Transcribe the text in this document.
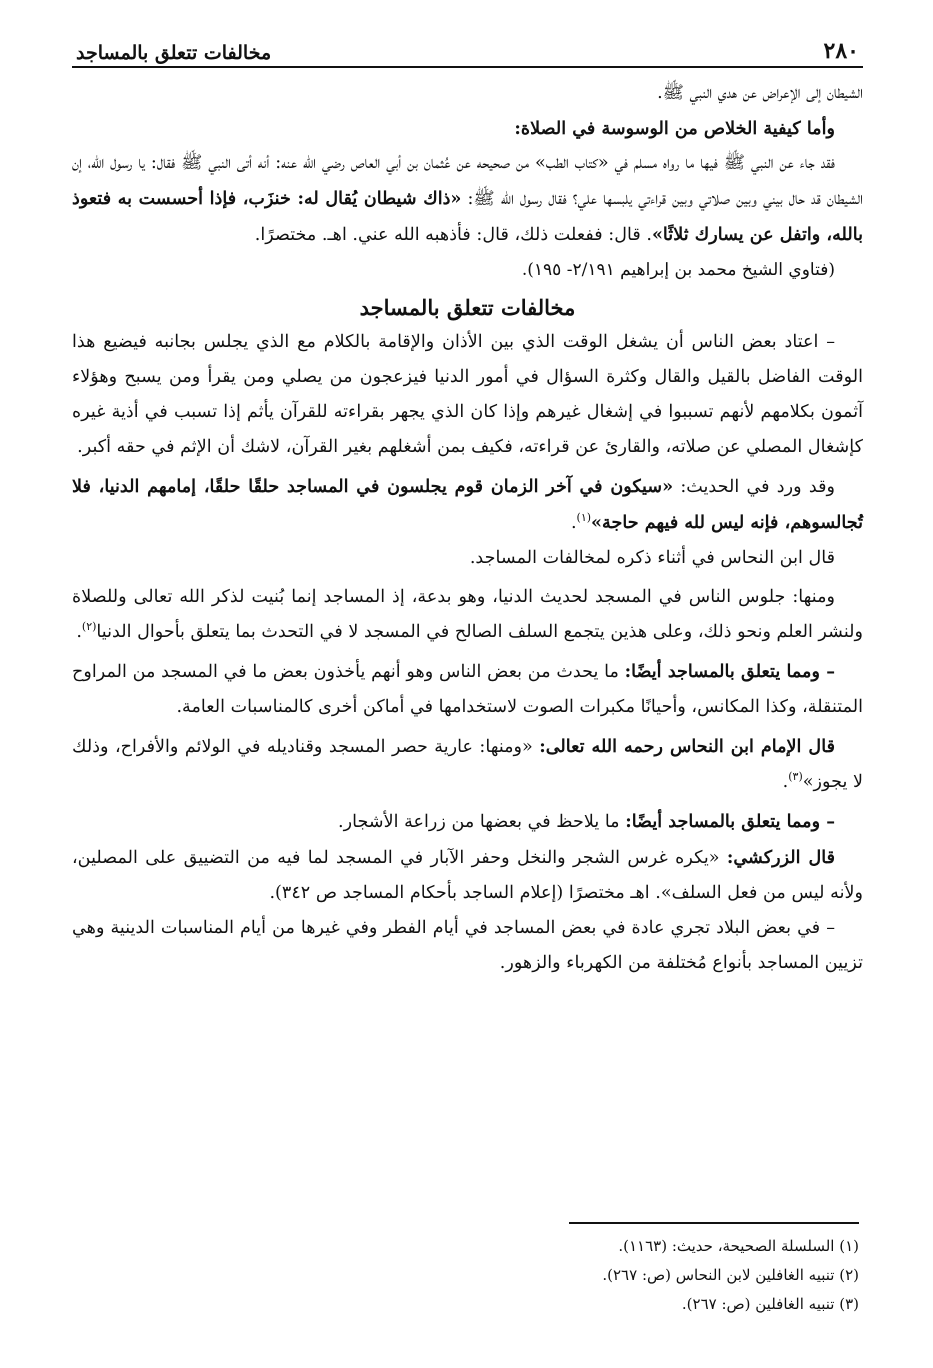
٢٨٠
مخالفات تتعلق بالمساجد

الشيطان إلى الإعراض عن هدي النبي ﷺ.

وأما كيفية الخلاص من الوسوسة في الصلاة:

فقد جاء عن النبي ﷺ فيها ما رواه مسلم في «كتاب الطب» من صحيحه عن عُثمان بن أبي العاص رضي الله عنه: أنه أتى النبي ﷺ فقال: يا رسول الله، إن الشيطان قد حال بيني وبين صلاتي وبين قراءتي يلبسها علي؟ فقال رسول الله ﷺ: «ذاك شيطان يُقال له: خنزَب، فإذا أحسست به فتعوذ بالله، واتفل عن يسارك ثلاثًا». قال: ففعلت ذلك، قال: فأذهبه الله عني. اهـ. مختصرًا.

(فتاوي الشيخ محمد بن إبراهيم ٢/١٩١- ١٩٥).

مخالفات تتعلق بالمساجد

– اعتاد بعض الناس أن يشغل الوقت الذي بين الأذان والإقامة بالكلام مع الذي يجلس بجانبه فيضيع هذا الوقت الفاضل بالقيل والقال وكثرة السؤال في أمور الدنيا فيزعجون من يصلي ومن يقرأ ومن يسبح وهؤلاء آثمون بكلامهم لأنهم تسببوا في إشغال غيرهم وإذا كان الذي يجهر بقراءته للقرآن يأثم إذا تسبب في أذية غيره كإشغال المصلي عن صلاته، والقارئ عن قراءته، فكيف بمن أشغلهم بغير القرآن، لاشك أن الإثم في حقه أكبر.

وقد ورد في الحديث: «سيكون في آخر الزمان قوم يجلسون في المساجد حلقًا حلقًا، إمامهم الدنيا، فلا تُجالسوهم، فإنه ليس لله فيهم حاجة»$^{(١)}$.

قال ابن النحاس في أثناء ذكره لمخالفات المساجد.

ومنها: جلوس الناس في المسجد لحديث الدنيا، وهو بدعة، إذ المساجد إنما بُنيت لذكر الله تعالى وللصلاة ولنشر العلم ونحو ذلك، وعلى هذين يتجمع السلف الصالح في المسجد لا في التحدث بما يتعلق بأحوال الدنيا$^{(٢)}$.

– ومما يتعلق بالمساجد أيضًا: ما يحدث من بعض الناس وهو أنهم يأخذون بعض ما في المسجد من المراوح المتنقلة، وكذا المكانس، وأحيانًا مكبرات الصوت لاستخدامها في أماكن أخرى كالمناسبات العامة.

قال الإمام ابن النحاس رحمه الله تعالى: «ومنها: عارية حصر المسجد وقناديله في الولائم والأفراح، وذلك لا يجوز»$^{(٣)}$.

– ومما يتعلق بالمساجد أيضًا: ما يلاحظ في بعضها من زراعة الأشجار.

قال الزركشي: «يكره غرس الشجر والنخل وحفر الآبار في المسجد لما فيه من التضييق على المصلين، ولأنه ليس من فعل السلف». اهـ مختصرًا (إعلام الساجد بأحكام المساجد ص ٣٤٢).

– في بعض البلاد تجري عادة في بعض المساجد في أيام الفطر وفي غيرها من أيام المناسبات الدينية وهي تزيين المساجد بأنواع مُختلفة من الكهرباء والزهور.

(١) السلسلة الصحيحة، حديث: (١١٦٣).
(٢) تنبيه الغافلين لابن النحاس (ص: ٢٦٧).
(٣) تنبيه الغافلين (ص: ٢٦٧).
